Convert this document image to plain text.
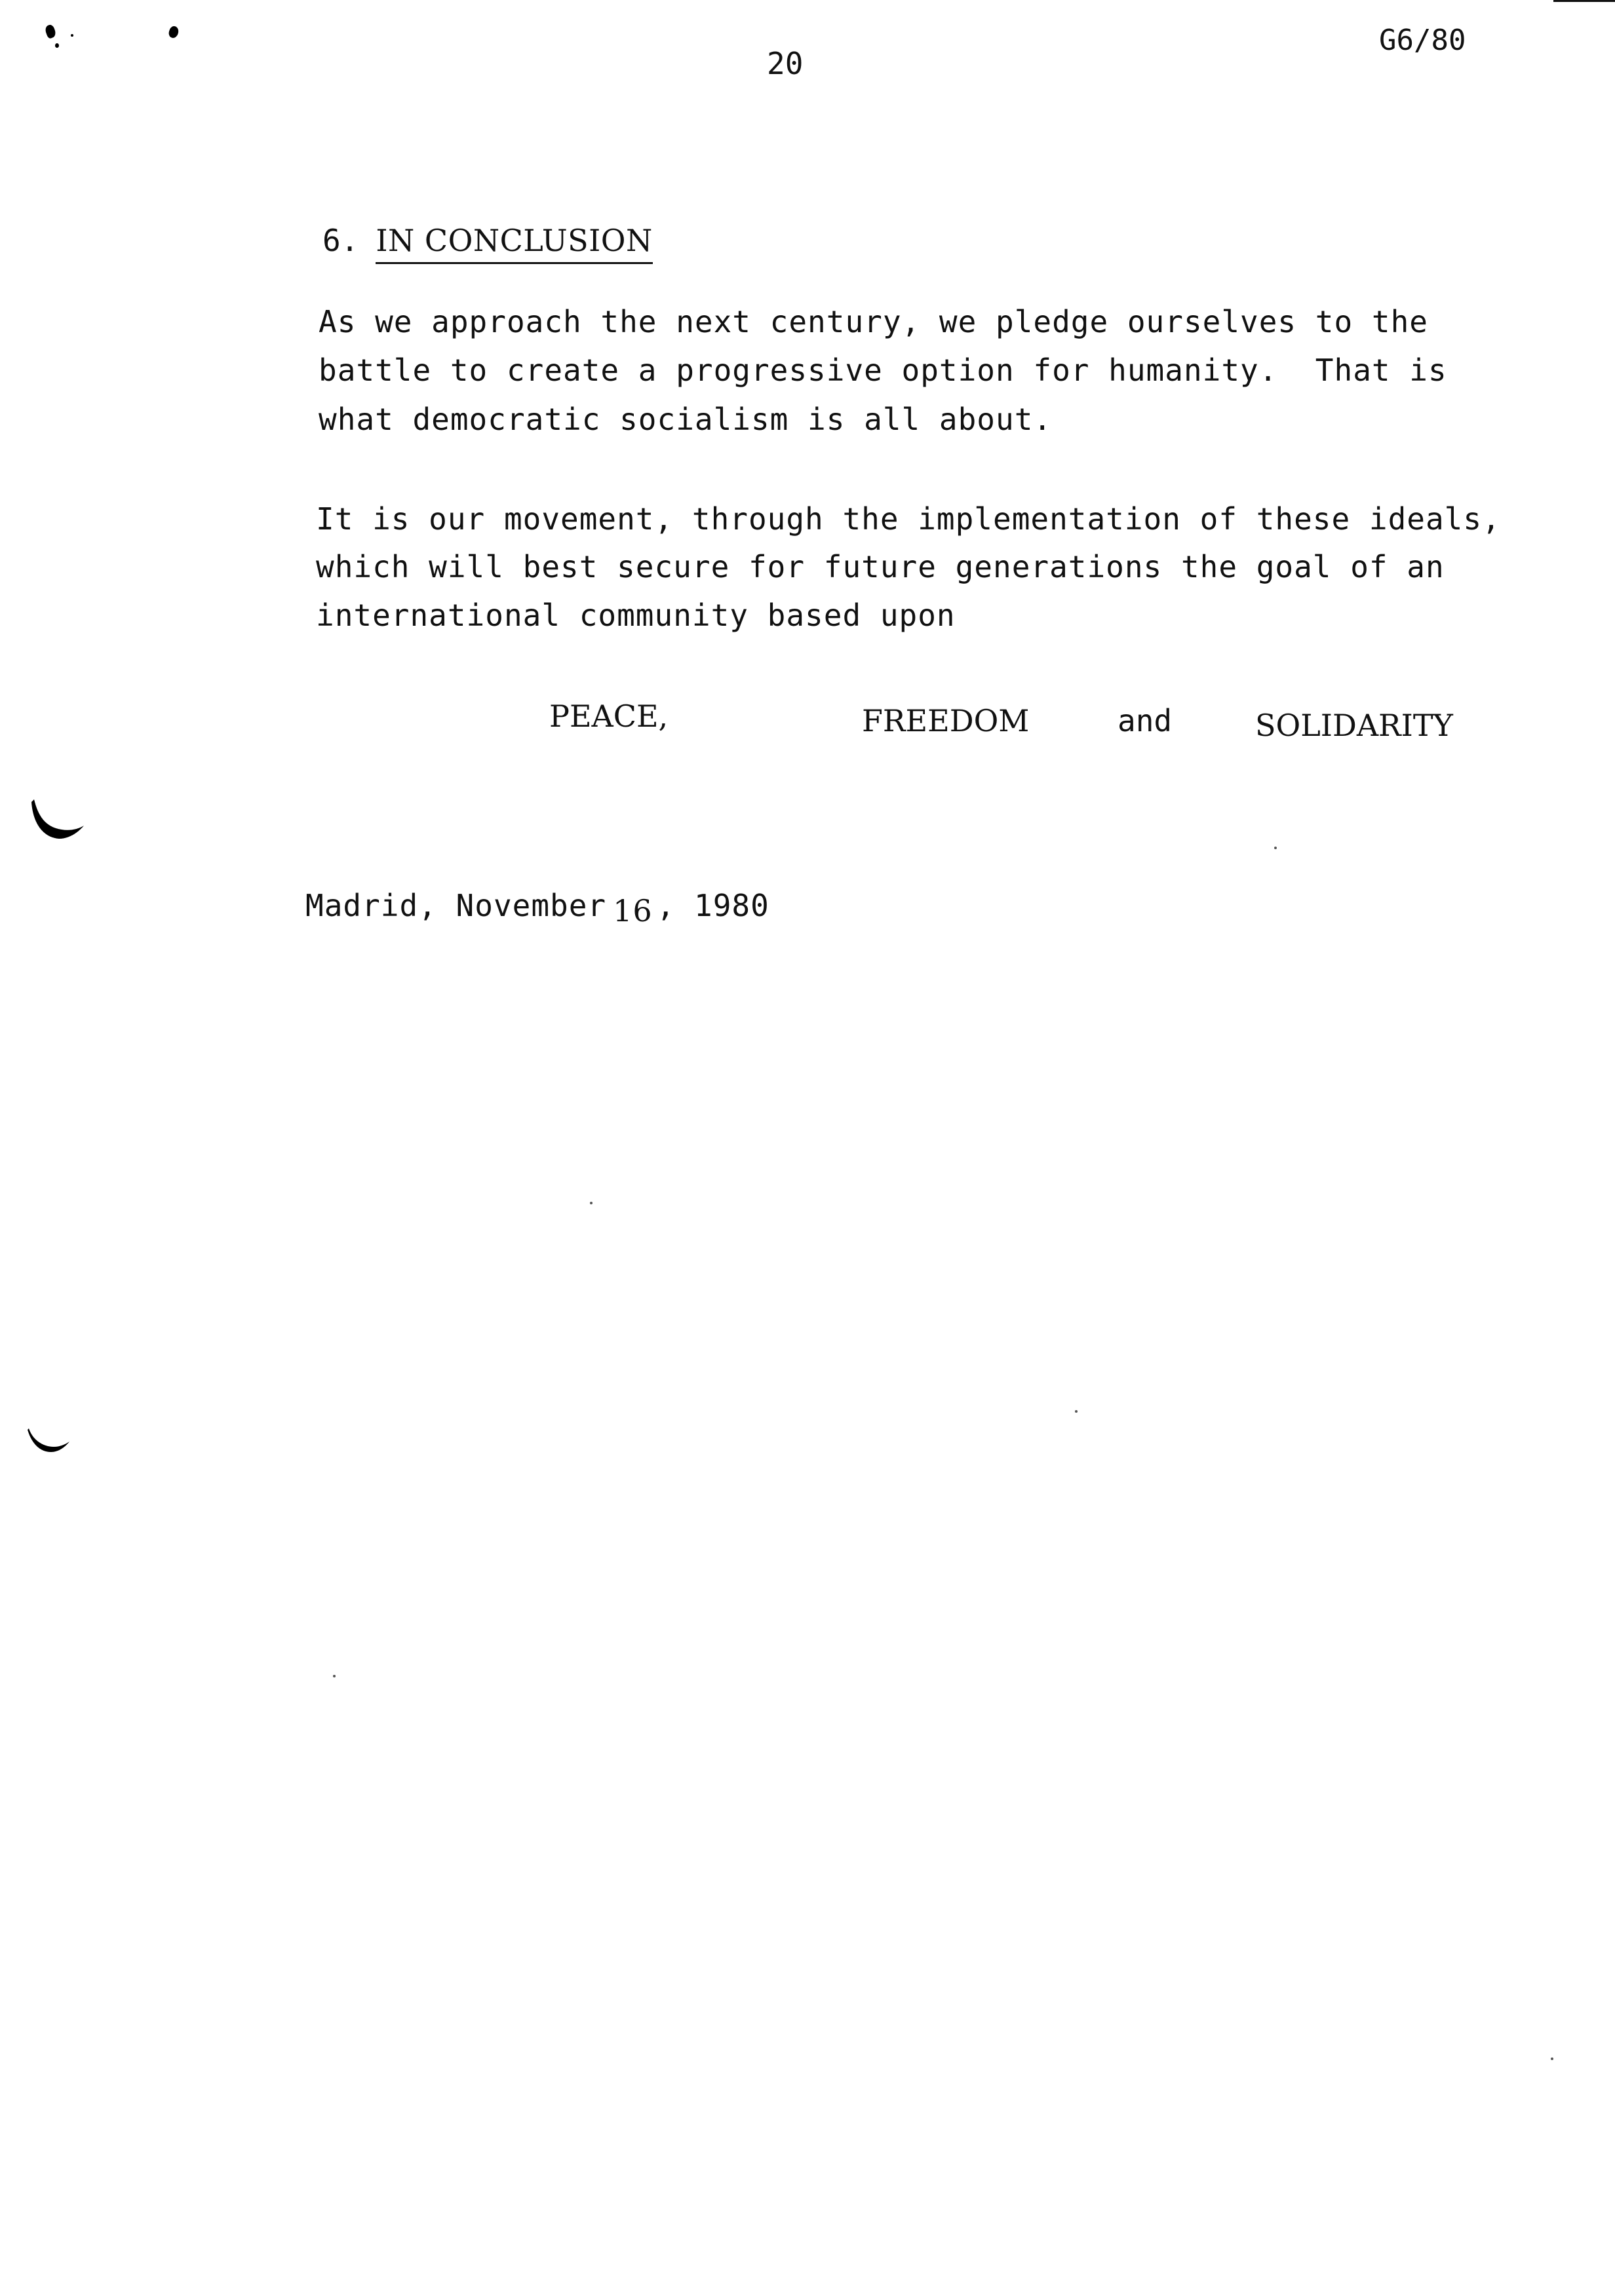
20
G6/80
6. IN CONCLUSION
As we approach the next century, we pledge ourselves to the
battle to create a progressive option for humanity.  That is
what democratic socialism is all about.
It is our movement, through the implementation of these ideals,
which will best secure for future generations the goal of an
international community based upon
PEACE,	FREEDOM	and	SOLIDARITY
Madrid, November 16 , 1980
